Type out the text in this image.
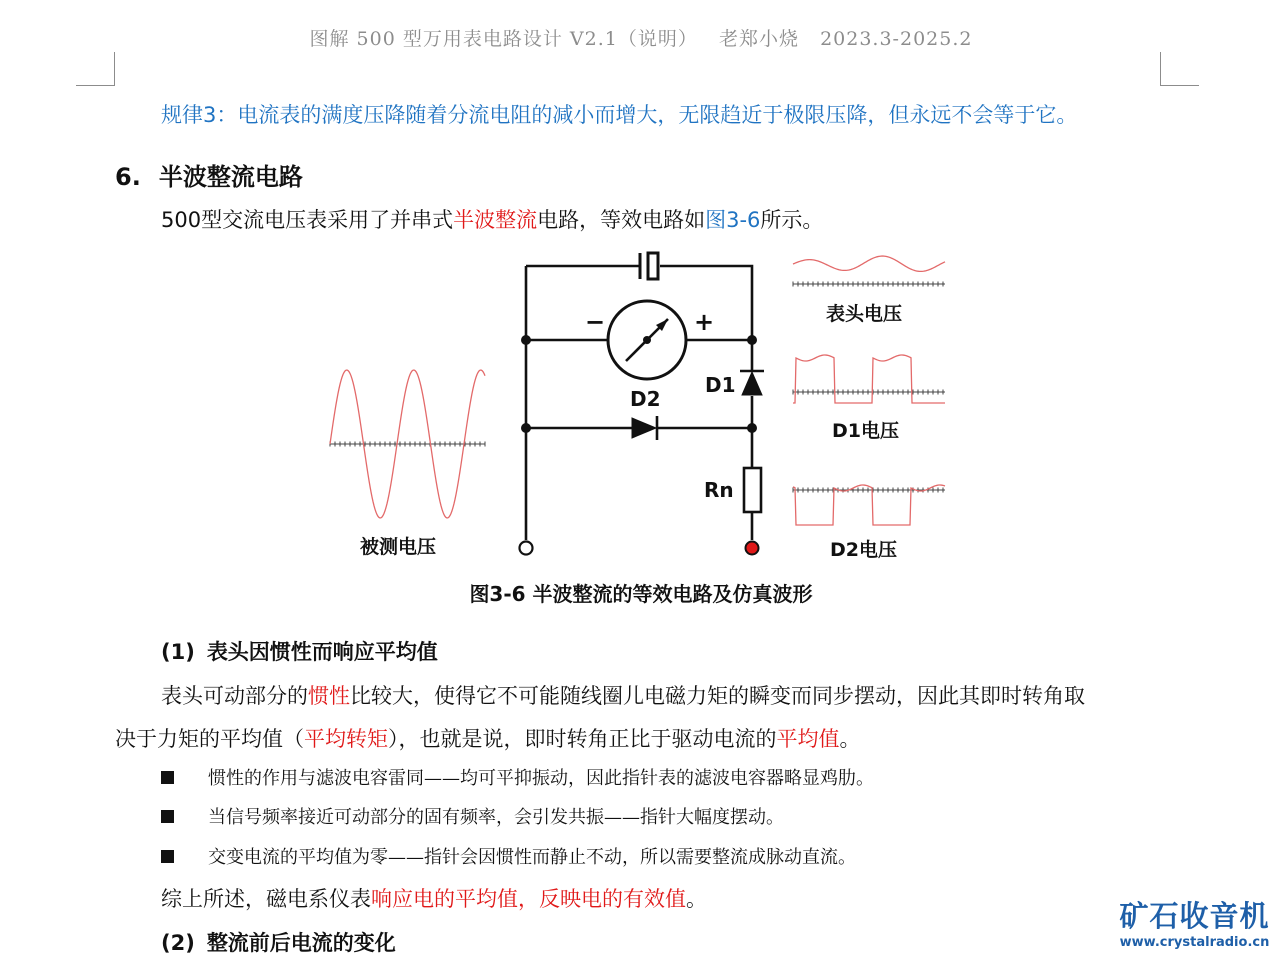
图解 500 型万用表电路设计 V2.1（说明）   老郑小烧   2023.3-2025.2
规律3：电流表的满度压降随着分流电阻的减小而增大，无限趋近于极限压降，但永远不会等于它。
6. 半波整流电路
500型交流电压表采用了并串式半波整流电路，等效电路如图3-6所示。
−	+
D1
D2
Rn
被测电压
表头电压
D1电压
D2电压
图3-6 半波整流的等效电路及仿真波形
(1) 表头因惯性而响应平均值
表头可动部分的惯性比较大，使得它不可能随线圈儿电磁力矩的瞬变而同步摆动，因此其即时转角取
决于力矩的平均值（平均转矩），也就是说，即时转角正比于驱动电流的平均值。
惯性的作用与滤波电容雷同——均可平抑振动，因此指针表的滤波电容器略显鸡肋。
当信号频率接近可动部分的固有频率，会引发共振——指针大幅度摆动。
交变电流的平均值为零——指针会因惯性而静止不动，所以需要整流成脉动直流。
综上所述，磁电系仪表响应电的平均值，反映电的有效值。
(2) 整流前后电流的变化
矿石收音机
www.crystalradio.cn
